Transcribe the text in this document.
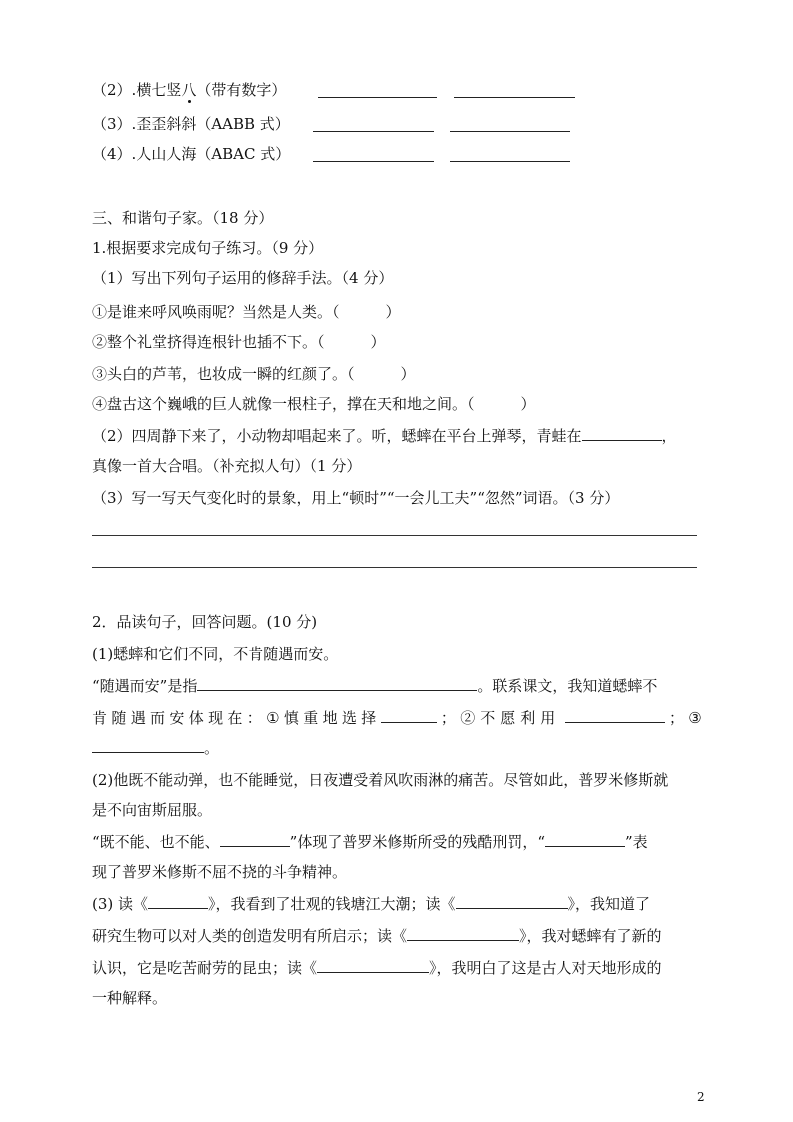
（2）.横七竖八（带有数字）
（3）.歪歪斜斜（AABB 式）
（4）.人山人海（ABAC 式）
三、和谐句子家。（18 分）
1.根据要求完成句子练习。（9 分）
（1）写出下列句子运用的修辞手法。（4 分）
①是谁来呼风唤雨呢？当然是人类。（	）
②整个礼堂挤得连根针也插不下。（	）
③头白的芦苇，也妆成一瞬的红颜了。（	）
④盘古这个巍峨的巨人就像一根柱子，撑在天和地之间。（	）
（2）四周静下来了，小动物却唱起来了。听，蟋蟀在平台上弹琴，青蛙在	，
真像一首大合唱。（补充拟人句）（1 分）
（3）写一写天气变化时的景象，用上“顿时”“一会儿工夫”“忽然”词语。（3 分）
2．品读句子，回答问题。(10 分)
(1)蟋蟀和它们不同，不肯随遇而安。
“随遇而安”是指	。联系课文，我知道蟋蟀不
肯 随 遇 而 安 体 现 在 ： ① 慎 重 地 选 择	； ②不愿利用	； ③
。
(2)他既不能动弹，也不能睡觉，日夜遭受着风吹雨淋的痛苦。尽管如此，普罗米修斯就
是不向宙斯屈服。
“既不能、也不能、	”体现了普罗米修斯所受的残酷刑罚，“	”表
现了普罗米修斯不屈不挠的斗争精神。
(3) 读《	》，我看到了壮观的钱塘江大潮；读《	》，我知道了
研究生物可以对人类的创造发明有所启示；读《	》，我对蟋蟀有了新的
认识，它是吃苦耐劳的昆虫；读《	》，我明白了这是古人对天地形成的
一种解释。
2
